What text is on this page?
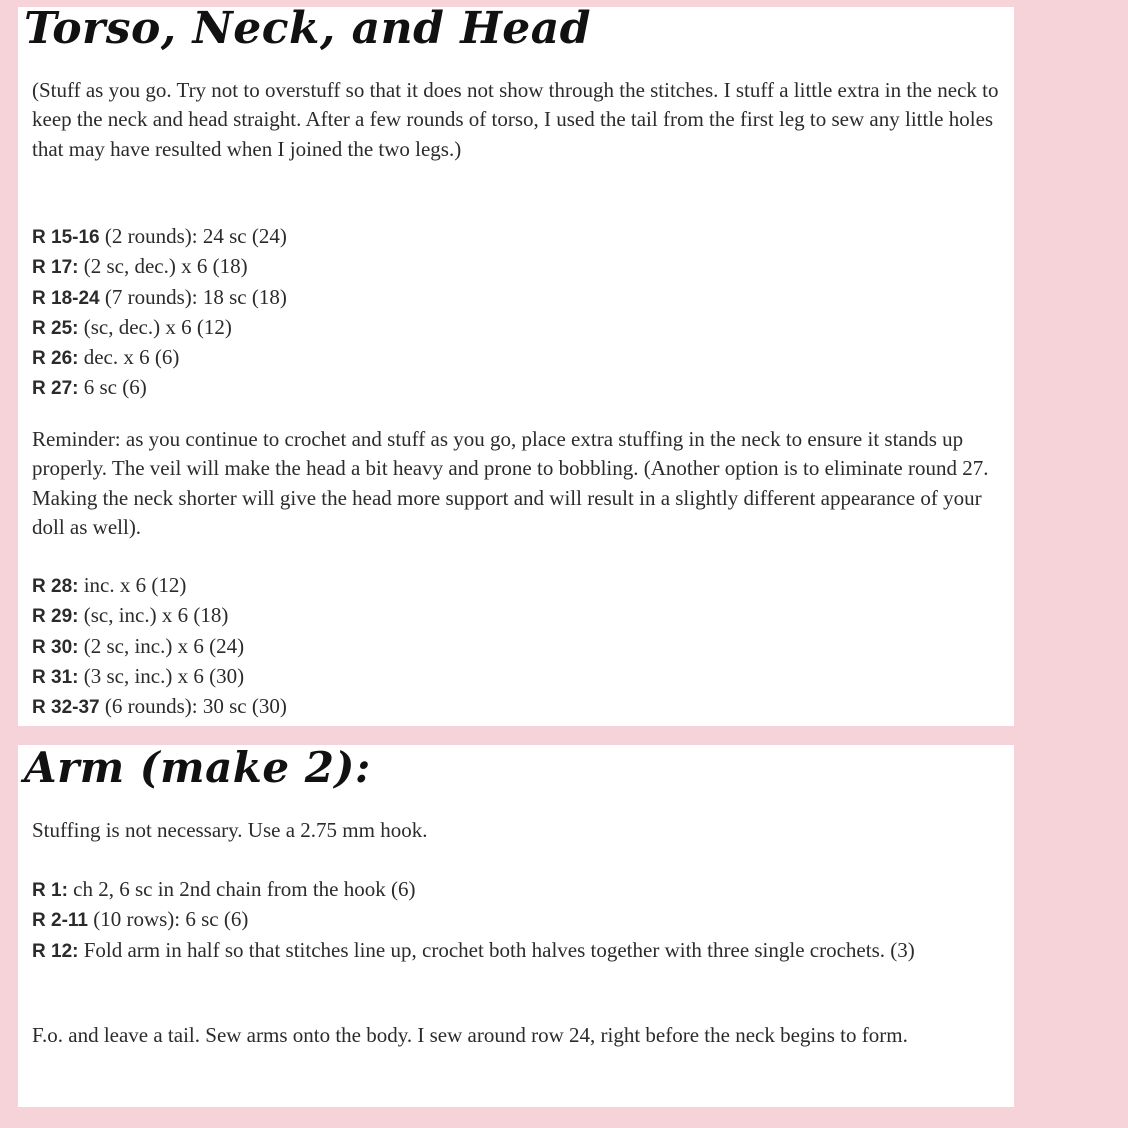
Torso, Neck, and Head

(Stuff as you go. Try not to overstuff so that it does not show through the stitches. I stuff a little extra in the neck to keep the neck and head straight. After a few rounds of torso, I used the tail from the first leg to sew any little holes that may have resulted when I joined the two legs.)

R 15-16 (2 rounds): 24 sc (24)
R 17: (2 sc, dec.) x 6 (18)
R 18-24 (7 rounds): 18 sc (18)
R 25: (sc, dec.) x 6 (12)
R 26: dec. x 6 (6)
R 27: 6 sc (6)

Reminder: as you continue to crochet and stuff as you go, place extra stuffing in the neck to ensure it stands up properly. The veil will make the head a bit heavy and prone to bobbling. (Another option is to eliminate round 27. Making the neck shorter will give the head more support and will result in a slightly different appearance of your doll as well).

R 28: inc. x 6 (12)
R 29: (sc, inc.) x 6 (18)
R 30: (2 sc, inc.) x 6 (24)
R 31: (3 sc, inc.) x 6 (30)
R 32-37 (6 rounds): 30 sc (30)
Arm (make 2):

Stuffing is not necessary. Use a 2.75 mm hook.

R 1: ch 2, 6 sc in 2nd chain from the hook (6)
R 2-11 (10 rows): 6 sc (6)
R 12: Fold arm in half so that stitches line up, crochet both halves together with three single crochets. (3)

F.o. and leave a tail. Sew arms onto the body. I sew around row 24, right before the neck begins to form.
